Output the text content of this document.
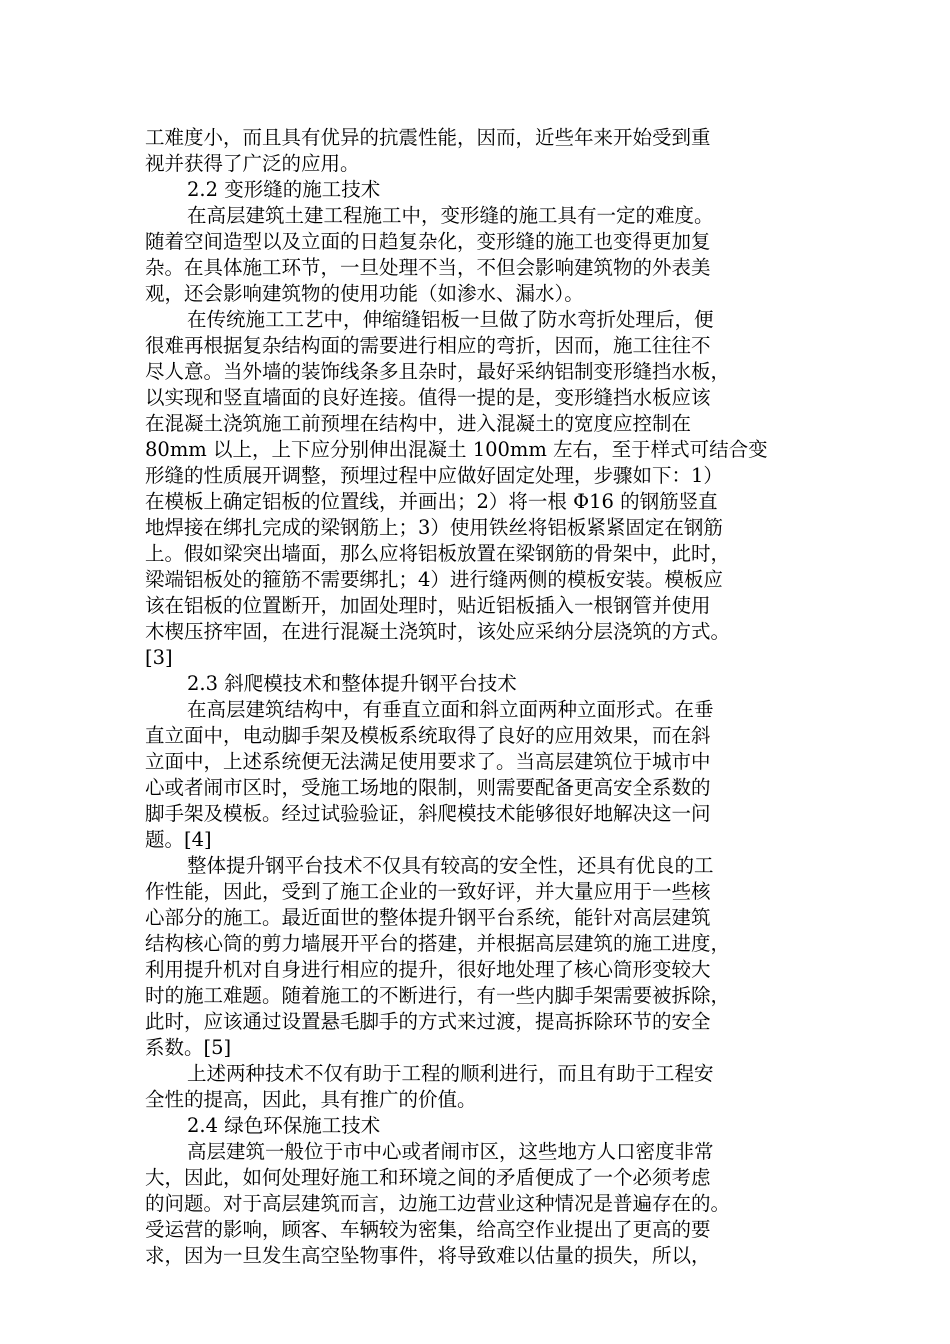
工难度小，而且具有优异的抗震性能，因而，近些年来开始受到重
视并获得了广泛的应用。
2.2 变形缝的施工技术
在高层建筑土建工程施工中，变形缝的施工具有一定的难度。
随着空间造型以及立面的日趋复杂化，变形缝的施工也变得更加复
杂。在具体施工环节，一旦处理不当，不但会影响建筑物的外表美
观，还会影响建筑物的使用功能（如渗水、漏水）。
在传统施工工艺中，伸缩缝铝板一旦做了防水弯折处理后，便
很难再根据复杂结构面的需要进行相应的弯折，因而，施工往往不
尽人意。当外墙的装饰线条多且杂时，最好采纳铝制变形缝挡水板，
以实现和竖直墙面的良好连接。值得一提的是，变形缝挡水板应该
在混凝土浇筑施工前预埋在结构中，进入混凝土的宽度应控制在
80mm 以上，上下应分别伸出混凝土 100mm 左右，至于样式可结合变
形缝的性质展开调整，预埋过程中应做好固定处理，步骤如下：1）
在模板上确定铝板的位置线，并画出；2）将一根 Φ16 的钢筋竖直
地焊接在绑扎完成的梁钢筋上；3）使用铁丝将铝板紧紧固定在钢筋
上。假如梁突出墙面，那么应将铝板放置在梁钢筋的骨架中，此时，
梁端铝板处的箍筋不需要绑扎；4）进行缝两侧的模板安装。模板应
该在铝板的位置断开，加固处理时，贴近铝板插入一根钢管并使用
木楔压挤牢固，在进行混凝土浇筑时，该处应采纳分层浇筑的方式。
[3]
2.3 斜爬模技术和整体提升钢平台技术
在高层建筑结构中，有垂直立面和斜立面两种立面形式。在垂
直立面中，电动脚手架及模板系统取得了良好的应用效果，而在斜
立面中，上述系统便无法满足使用要求了。当高层建筑位于城市中
心或者闹市区时，受施工场地的限制，则需要配备更高安全系数的
脚手架及模板。经过试验验证，斜爬模技术能够很好地解决这一问
题。[4]
整体提升钢平台技术不仅具有较高的安全性，还具有优良的工
作性能，因此，受到了施工企业的一致好评，并大量应用于一些核
心部分的施工。最近面世的整体提升钢平台系统，能针对高层建筑
结构核心筒的剪力墙展开平台的搭建，并根据高层建筑的施工进度，
利用提升机对自身进行相应的提升，很好地处理了核心筒形变较大
时的施工难题。随着施工的不断进行，有一些内脚手架需要被拆除，
此时，应该通过设置悬毛脚手的方式来过渡，提高拆除环节的安全
系数。[5]
上述两种技术不仅有助于工程的顺利进行，而且有助于工程安
全性的提高，因此，具有推广的价值。
2.4 绿色环保施工技术
高层建筑一般位于市中心或者闹市区，这些地方人口密度非常
大，因此，如何处理好施工和环境之间的矛盾便成了一个必须考虑
的问题。对于高层建筑而言，边施工边营业这种情况是普遍存在的。
受运营的影响，顾客、车辆较为密集，给高空作业提出了更高的要
求，因为一旦发生高空坠物事件，将导致难以估量的损失，所以，
